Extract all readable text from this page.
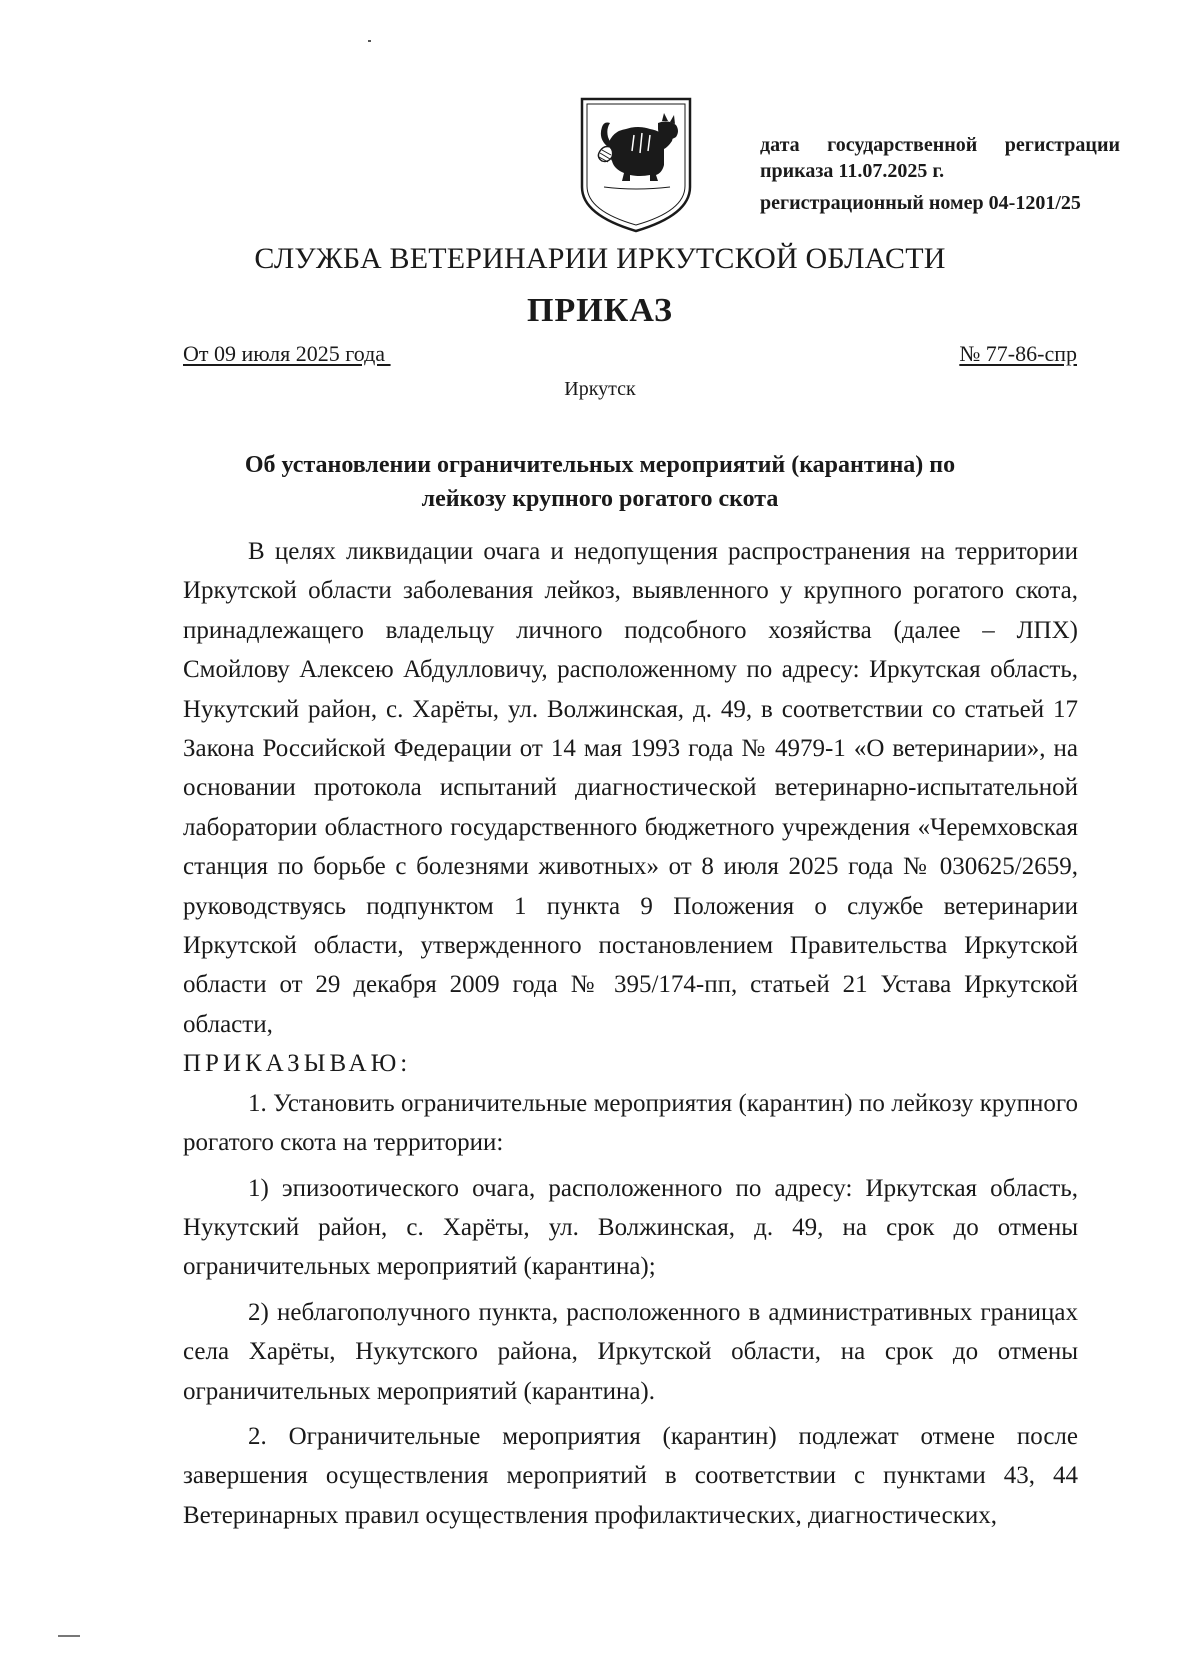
дата государственной регистрации
приказа 11.07.2025 г.
регистрационный номер 04-1201/25
СЛУЖБА ВЕТЕРИНАРИИ ИРКУТСКОЙ ОБЛАСТИ
ПРИКАЗ
От 09 июля 2025 года	№ 77-86-спр
Иркутск
Об установлении ограничительных мероприятий (карантина) по
лейкозу крупного рогатого скота

В целях ликвидации очага и недопущения распространения на территории Иркутской области заболевания лейкоз, выявленного у крупного рогатого скота, принадлежащего владельцу личного подсобного хозяйства (далее – ЛПХ) Смойлову Алексею Абдулловичу, расположенному по адресу: Иркутская область, Нукутский район, с. Харёты, ул. Волжинская, д. 49, в соответствии со статьей 17 Закона Российской Федерации от 14 мая 1993 года № 4979-1 «О ветеринарии», на основании протокола испытаний диагностической ветеринарно-испытательной лаборатории областного государственного бюджетного учреждения «Черемховская станция по борьбе с болезнями животных» от 8 июля 2025 года № 030625/2659, руководствуясь подпунктом 1 пункта 9 Положения о службе ветеринарии Иркутской области, утвержденного постановлением Правительства Иркутской области от 29 декабря 2009 года № 395/174-пп, статьей 21 Устава Иркутской области,

ПРИКАЗЫВАЮ:

1. Установить ограничительные мероприятия (карантин) по лейкозу крупного рогатого скота на территории:

1) эпизоотического очага, расположенного по адресу: Иркутская область, Нукутский район, с. Харёты, ул. Волжинская, д. 49, на срок до отмены ограничительных мероприятий (карантина);

2) неблагополучного пункта, расположенного в административных границах села Харёты, Нукутского района, Иркутской области, на срок до отмены ограничительных мероприятий (карантина).

2. Ограничительные мероприятия (карантин) подлежат отмене после завершения осуществления мероприятий в соответствии с пунктами 43, 44 Ветеринарных правил осуществления профилактических, диагностических,
